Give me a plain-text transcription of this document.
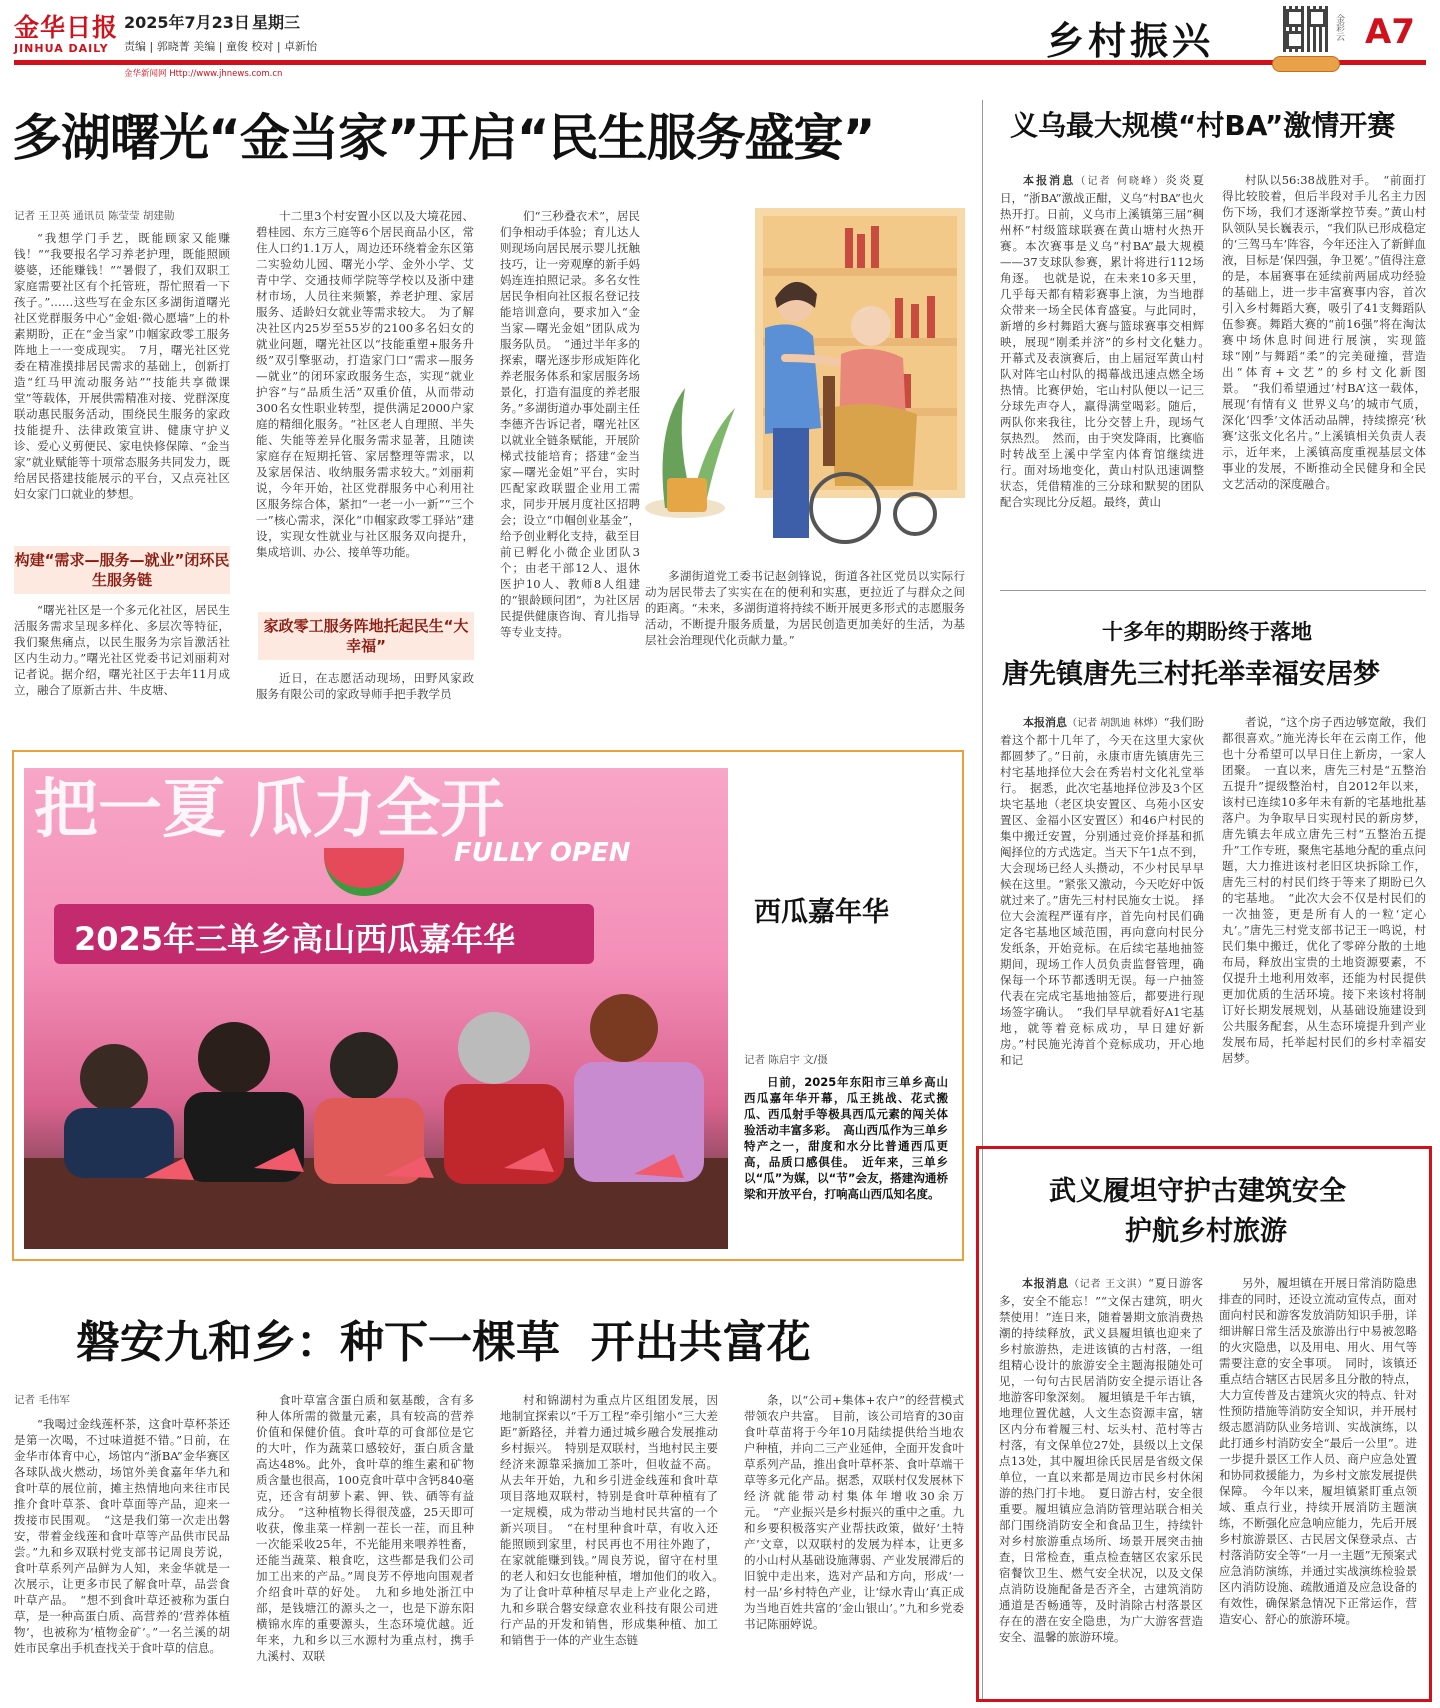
金华日报
JINHUA DAILY
2025年7月23日 星期三
责编 | 郭晓菁 美编 | 童俊 校对 | 卓新怡
金华新闻网 Http://www.jhnews.com.cn
乡村振兴	金彩云 A7
多湖曙光“金当家”开启“民生服务盛宴”
记者 王卫英 通讯员 陈莹莹 胡建勋

“我想学门手艺，既能顾家又能赚钱！”“我要报名学习养老护理，既能照顾婆婆，还能赚钱！”“暑假了，我们双职工家庭需要社区有个托管班，帮忙照看一下孩子。”……这些写在金东区多湖街道曙光社区党群服务中心“金姐·微心愿墙”上的朴素期盼，正在“金当家”巾帼家政零工服务阵地上一一变成现实。　7月，曙光社区党委在精准摸排居民需求的基础上，创新打造“红马甲流动服务站”“技能共享微课堂”等载体，开展供需精准对接、党群深度联动惠民服务活动，围绕民生服务的家政技能提升、法律政策宣讲、健康守护义诊、爱心义剪便民、家电快修保障、“金当家”就业赋能等十项常态服务共同发力，既给居民搭建技能展示的平台，又点亮社区妇女家门口就业的梦想。

构建“需求—服务—就业”闭环民生服务链

“曙光社区是一个多元化社区，居民生活服务需求呈现多样化、多层次等特征，我们聚焦痛点，以民生服务为宗旨激活社区内生动力。”曙光社区党委书记刘丽莉对记者说。据介绍，曙光社区于去年11月成立，融合了原新古井、牛皮塘、

十二里3个村安置小区以及大境花园、碧桂园、东方三庭等6个居民商品小区，常住人口约1.1万人，周边还环绕着金东区第二实验幼儿园、曙光小学、金外小学、艾青中学、交通技师学院等学校以及浙中建材市场，人员往来频繁，养老护理、家居服务、适龄妇女就业等需求较大。　为了解决社区内25岁至55岁的2100多名妇女的就业问题，曙光社区以“技能重塑+服务升级”双引擎驱动，打造家门口“需求—服务—就业”的闭环家政服务生态，实现“就业护容”与“品质生活”双重价值，从而带动300名女性职业转型，提供满足2000户家庭的精细化服务。“社区老人自理照、半失能、失能等差异化服务需求显著，且随读家庭存在短期托管、家居整理等需求，以及家居保洁、收纳服务需求较大。”刘丽莉说，今年开始，社区党群服务中心利用社区服务综合体，紧扣“一老一小一新”“三个一”核心需求，深化“巾帼家政零工驿站”建设，实现女性就业与社区服务双向提升，集成培训、办公、接单等功能。

家政零工服务阵地托起民生“大幸福”

近日，在志愿活动现场，田野风家政服务有限公司的家政导师手把手教学员

们“三秒叠衣术”，居民们争相动手体验；育儿达人则现场向居民展示婴儿抚触技巧，让一旁观摩的新手妈妈连连拍照记录。多名女性居民争相向社区报名登记技能培训意向，要求加入“金当家—曙光金姐”团队成为服务队员。　“通过半年多的探索，曙光逐步形成矩阵化养老服务体系和家居服务场景化，打造有温度的养老服务。”多湖街道办事处副主任李德齐告诉记者，曙光社区以就业全链条赋能，开展阶梯式技能培育；搭建“金当家—曙光金姐”平台，实时匹配家政联盟企业用工需求，同步开展月度社区招聘会；设立“巾帼创业基金”，给予创业孵化支持，截至目前已孵化小微企业团队3个；由老干部12人、退休医护10人、教师8人组建的“银龄顾问团”，为社区居民提供健康咨询、育儿指导等专业支持。

多湖街道党工委书记赵剑锋说，街道各社区党员以实际行动为居民带去了实实在在的便利和实惠，更拉近了与群众之间的距离。“未来，多湖街道将持续不断开展更多形式的志愿服务活动，不断提升服务质量，为居民创造更加美好的生活，为基层社会治理现代化贡献力量。”

把一夏 瓜力全开
FULLY OPEN
2025年三单乡高山西瓜嘉年华
西瓜嘉年华
记者 陈启宇 文/摄

日前，2025年东阳市三单乡高山西瓜嘉年华开幕，瓜王挑战、花式搬瓜、西瓜射手等极具西瓜元素的闯关体验活动丰富多彩。　高山西瓜作为三单乡特产之一，甜度和水分比普通西瓜更高，品质口感俱佳。　近年来，三单乡以“瓜”为媒，以“节”会友，搭建沟通桥梁和开放平台，打响高山西瓜知名度。

磐安九和乡：种下一棵草  开出共富花
记者 毛伟军

“我喝过金线莲杯茶，这食叶草杯茶还是第一次喝，不过味道挺不错。”日前，在金华市体育中心，场馆内“浙BA”金华赛区各球队战火燃动，场馆外美食嘉年华九和食叶草的展位前，摊主热情地向来往市民推介食叶草茶、食叶草面等产品，迎来一拨接市民围观。　“这是我们第一次走出磐安，带着金线莲和食叶草等产品供市民品尝。”九和乡双联村党支部书记周良芳说，食叶草系列产品鲜为人知，来金华就是一次展示，让更多市民了解食叶草，品尝食叶草产品。　“想不到食叶草还被称为蛋白草，是一种高蛋白质、高营养的‘营养体植物’，也被称为‘植物金矿’。”一名兰溪的胡姓市民拿出手机查找关于食叶草的信息。

食叶草富含蛋白质和氨基酸，含有多种人体所需的微量元素，具有较高的营养价值和保健价值。食叶草的可食部位是它的大叶，作为蔬菜口感较好，蛋白质含量高达48%。此外，食叶草的维生素和矿物质含量也很高，100克食叶草中含钙840毫克，还含有胡萝卜素、钾、铁、硒等有益成分。　“这种植物长得很茂盛，25天即可收获，像韭菜一样割一茬长一茬，而且种一次能采收25年，不光能用来喂养牲畜，还能当蔬菜、粮食吃，这些都是我们公司加工出来的产品。”周良芳不停地向围观者介绍食叶草的好处。　九和乡地处浙江中部，是钱塘江的源头之一，也是下游东阳横锦水库的重要源头，生态环境优越。近年来，九和乡以三水源村为重点村，携手九溪村、双联

村和锦湖村为重点片区组团发展，因地制宜探索以“千万工程”牵引缩小“三大差距”新路径，并着力通过城乡融合发展推动乡村振兴。　特别是双联村，当地村民主要经济来源靠采摘加工茶叶，但收益不高。从去年开始，九和乡引进金线莲和食叶草项目落地双联村，特别是食叶草种植有了一定规模，成为带动当地村民共富的一个新兴项目。　“在村里种食叶草，有收入还能照顾到家里，村民再也不用往外跑了，在家就能赚到钱。”周良芳说，留守在村里的老人和妇女也能种植，增加他们的收入。　为了让食叶草种植尽早走上产业化之路，九和乡联合磐安绿意农业科技有限公司进行产品的开发和销售，形成集种植、加工和销售于一体的产业生态链

条，以“公司+集体+农户”的经营模式带领农户共富。　目前，该公司培育的30亩食叶草苗将于今年10月陆续提供给当地农户种植，并向二三产业延伸，全面开发食叶草系列产品，推出食叶草杯茶、食叶草端干草等多元化产品。据悉，双联村仅发展林下经济就能带动村集体年增收30余万元。　“产业振兴是乡村振兴的重中之重。九和乡要积极落实产业帮扶政策，做好‘土特产’文章，以双联村的发展为样本，让更多的小山村从基础设施薄弱、产业发展滞后的旧貌中走出来，选对产品和方向，形成‘一村一品’乡村特色产业，让‘绿水青山’真正成为当地百姓共富的‘金山银山’。”九和乡党委书记陈丽婷说。

义乌最大规模“村BA”激情开赛

本报消息（记者 何晓峰）炎炎夏日，“浙BA”激战正酣，义乌“村BA”也火热开打。日前，义乌市上溪镇第三届“稠州杯”村级篮球联赛在黄山塘村火热开赛。本次赛事是义乌“村BA”最大规模——37支球队参赛，累计将进行112场角逐。　也就是说，在未来10多天里，几乎每天都有精彩赛事上演，为当地群众带来一场全民体育盛宴。与此同时，新增的乡村舞蹈大赛与篮球赛事交相辉映，展现“刚柔并济”的乡村文化魅力。　开幕式及表演赛后，由上届冠军黄山村队对阵宅山村队的揭幕战迅速点燃全场热情。比赛伊始，宅山村队便以一记三分球先声夺人，赢得满堂喝彩。随后，两队你来我往，比分交替上升，现场气氛热烈。　然而，由于突发降雨，比赛临时转战至上溪中学室内体育馆继续进行。面对场地变化，黄山村队迅速调整状态，凭借精准的三分球和默契的团队配合实现比分反超。最终，黄山

村队以56:38战胜对手。　“前面打得比较胶着，但后半段对手儿名主力因伤下场，我们才逐渐掌控节奏。”黄山村队领队吴长巍表示，“我们队已形成稳定的‘三驾马车’阵容，今年还注入了新鲜血液，目标是‘保四强，争卫冕’。”值得注意的是，本届赛事在延续前两届成功经验的基础上，进一步丰富赛事内容，首次引入乡村舞蹈大赛，吸引了41支舞蹈队伍参赛。舞蹈大赛的“前16强”将在淘汰赛中场休息时间进行展演，实现篮球“刚”与舞蹈“柔”的完美碰撞，营造出“体育+文艺”的乡村文化新图景。　“我们希望通过‘村BA’这一载体，展现‘有情有义 世界义乌’的城市气质，深化‘四季’文体活动品牌，持续擦亮‘秋赛’这张文化名片。”上溪镇相关负责人表示，近年来，上溪镇高度重视基层文体事业的发展，不断推动全民健身和全民文艺活动的深度融合。

十多年的期盼终于落地
唐先镇唐先三村托举幸福安居梦

本报消息（记者 胡凯迪 林烨）“我们盼着这个都十几年了，今天在这里大家伙都圆梦了。”日前，永康市唐先镇唐先三村宅基地择位大会在秀岩村文化礼堂举行。　据悉，此次宅基地择位涉及3个区块宅基地（老区块安置区、乌苑小区安置区、金福小区安置区）和46户村民的集中搬迁安置，分别通过竞价择基和抓阄择位的方式选定。当天下午1点不到，大会现场已经人头攒动，不少村民早早候在这里。“紧张又激动，今天吃好中饭就过来了。”唐先三村村民施女士说。　择位大会流程严谨有序，首先向村民们确定各宅基地区域范围，再向意向村民分发纸条，开始竞标。在后续宅基地抽签期间，现场工作人员负责监督管理，确保每一个环节都透明无误。每一户抽签代表在完成宅基地抽签后，都要进行现场签字确认。　“我们早早就看好A1宅基地，就等着竞标成功，早日建好新房。”村民施光涛首个竞标成功，开心地和记

者说，“这个房子西边够宽敞，我们都很喜欢。”施光涛长年在云南工作，他也十分希望可以早日住上新房，一家人团聚。　一直以来，唐先三村是“五整治五提升”提级整治村，自2012年以来，该村已连续10多年未有新的宅基地批基落户。为争取早日实现村民的新房梦，唐先镇去年成立唐先三村“五整治五提升”工作专班，聚焦宅基地分配的重点问题，大力推进该村老旧区块拆除工作，唐先三村的村民们终于等来了期盼已久的宅基地。　“此次大会不仅是村民们的一次抽签，更是所有人的一粒‘定心丸’。”唐先三村党支部书记王一鸣说，村民们集中搬迁，优化了零碎分散的土地布局，释放出宝贵的土地资源要素，不仅提升土地利用效率，还能为村民提供更加优质的生活环境。接下来该村将制订好长期发展规划，从基础设施建设到公共服务配套，从生态环境提升到产业发展布局，托举起村民们的乡村幸福安居梦。

武义履坦守护古建筑安全
护航乡村旅游

本报消息（记者 王文淇）“夏日游客多，安全不能忘！”“文保古建筑，明火禁使用！”连日来，随着暑期文旅消费热潮的持续释放，武义县履坦镇也迎来了乡村旅游热，走进该镇的古村落，一组组精心设计的旅游安全主题海报随处可见，一句句古民居消防安全提示语让各地游客印象深刻。　履坦镇是千年古镇，地理位置优越，人文生态资源丰富，辖区内分布着履三村、坛头村、范村等古村落，有文保单位27处，县级以上文保点13处，其中履坦徐氏民居是省级文保单位，一直以来都是周边市民乡村休闲游的热门打卡地。　夏日游古村，安全很重要。履坦镇应急消防管理站联合相关部门围绕消防安全和食品卫生，持续针对乡村旅游重点场所、场景开展突击抽查，日常检查，重点检查辖区农家乐民宿餐饮卫生、燃气安全状况，以及文保点消防设施配备是否齐全，古建筑消防通道是否畅通等，及时消除古村落景区存在的潜在安全隐患，为广大游客营造安全、温馨的旅游环境。

另外，履坦镇在开展日常消防隐患排查的同时，还设立流动宣传点，面对面向村民和游客发放消防知识手册，详细讲解日常生活及旅游出行中易被忽略的火灾隐患，以及用电、用火、用气等需要注意的安全事项。　同时，该镇还重点结合辖区古民居多且分散的特点，大力宣传普及古建筑火灾的特点、针对性预防措施等消防安全知识，并开展村级志愿消防队业务培训、实战演练，以此打通乡村消防安全“最后一公里”。进一步提升景区工作人员、商户应急处置和协同救援能力，为乡村文旅发展提供保障。　今年以来，履坦镇紧盯重点领域、重点行业，持续开展消防主题演练，不断强化应急响应能力，先后开展乡村旅游景区、古民居文保登录点、古村落消防安全等“一月一主题”无预案式应急消防演练，并通过实战演练检验景区内消防设施、疏散通道及应急设备的有效性，确保紧急情况下正常运作，营造安心、舒心的旅游环境。
